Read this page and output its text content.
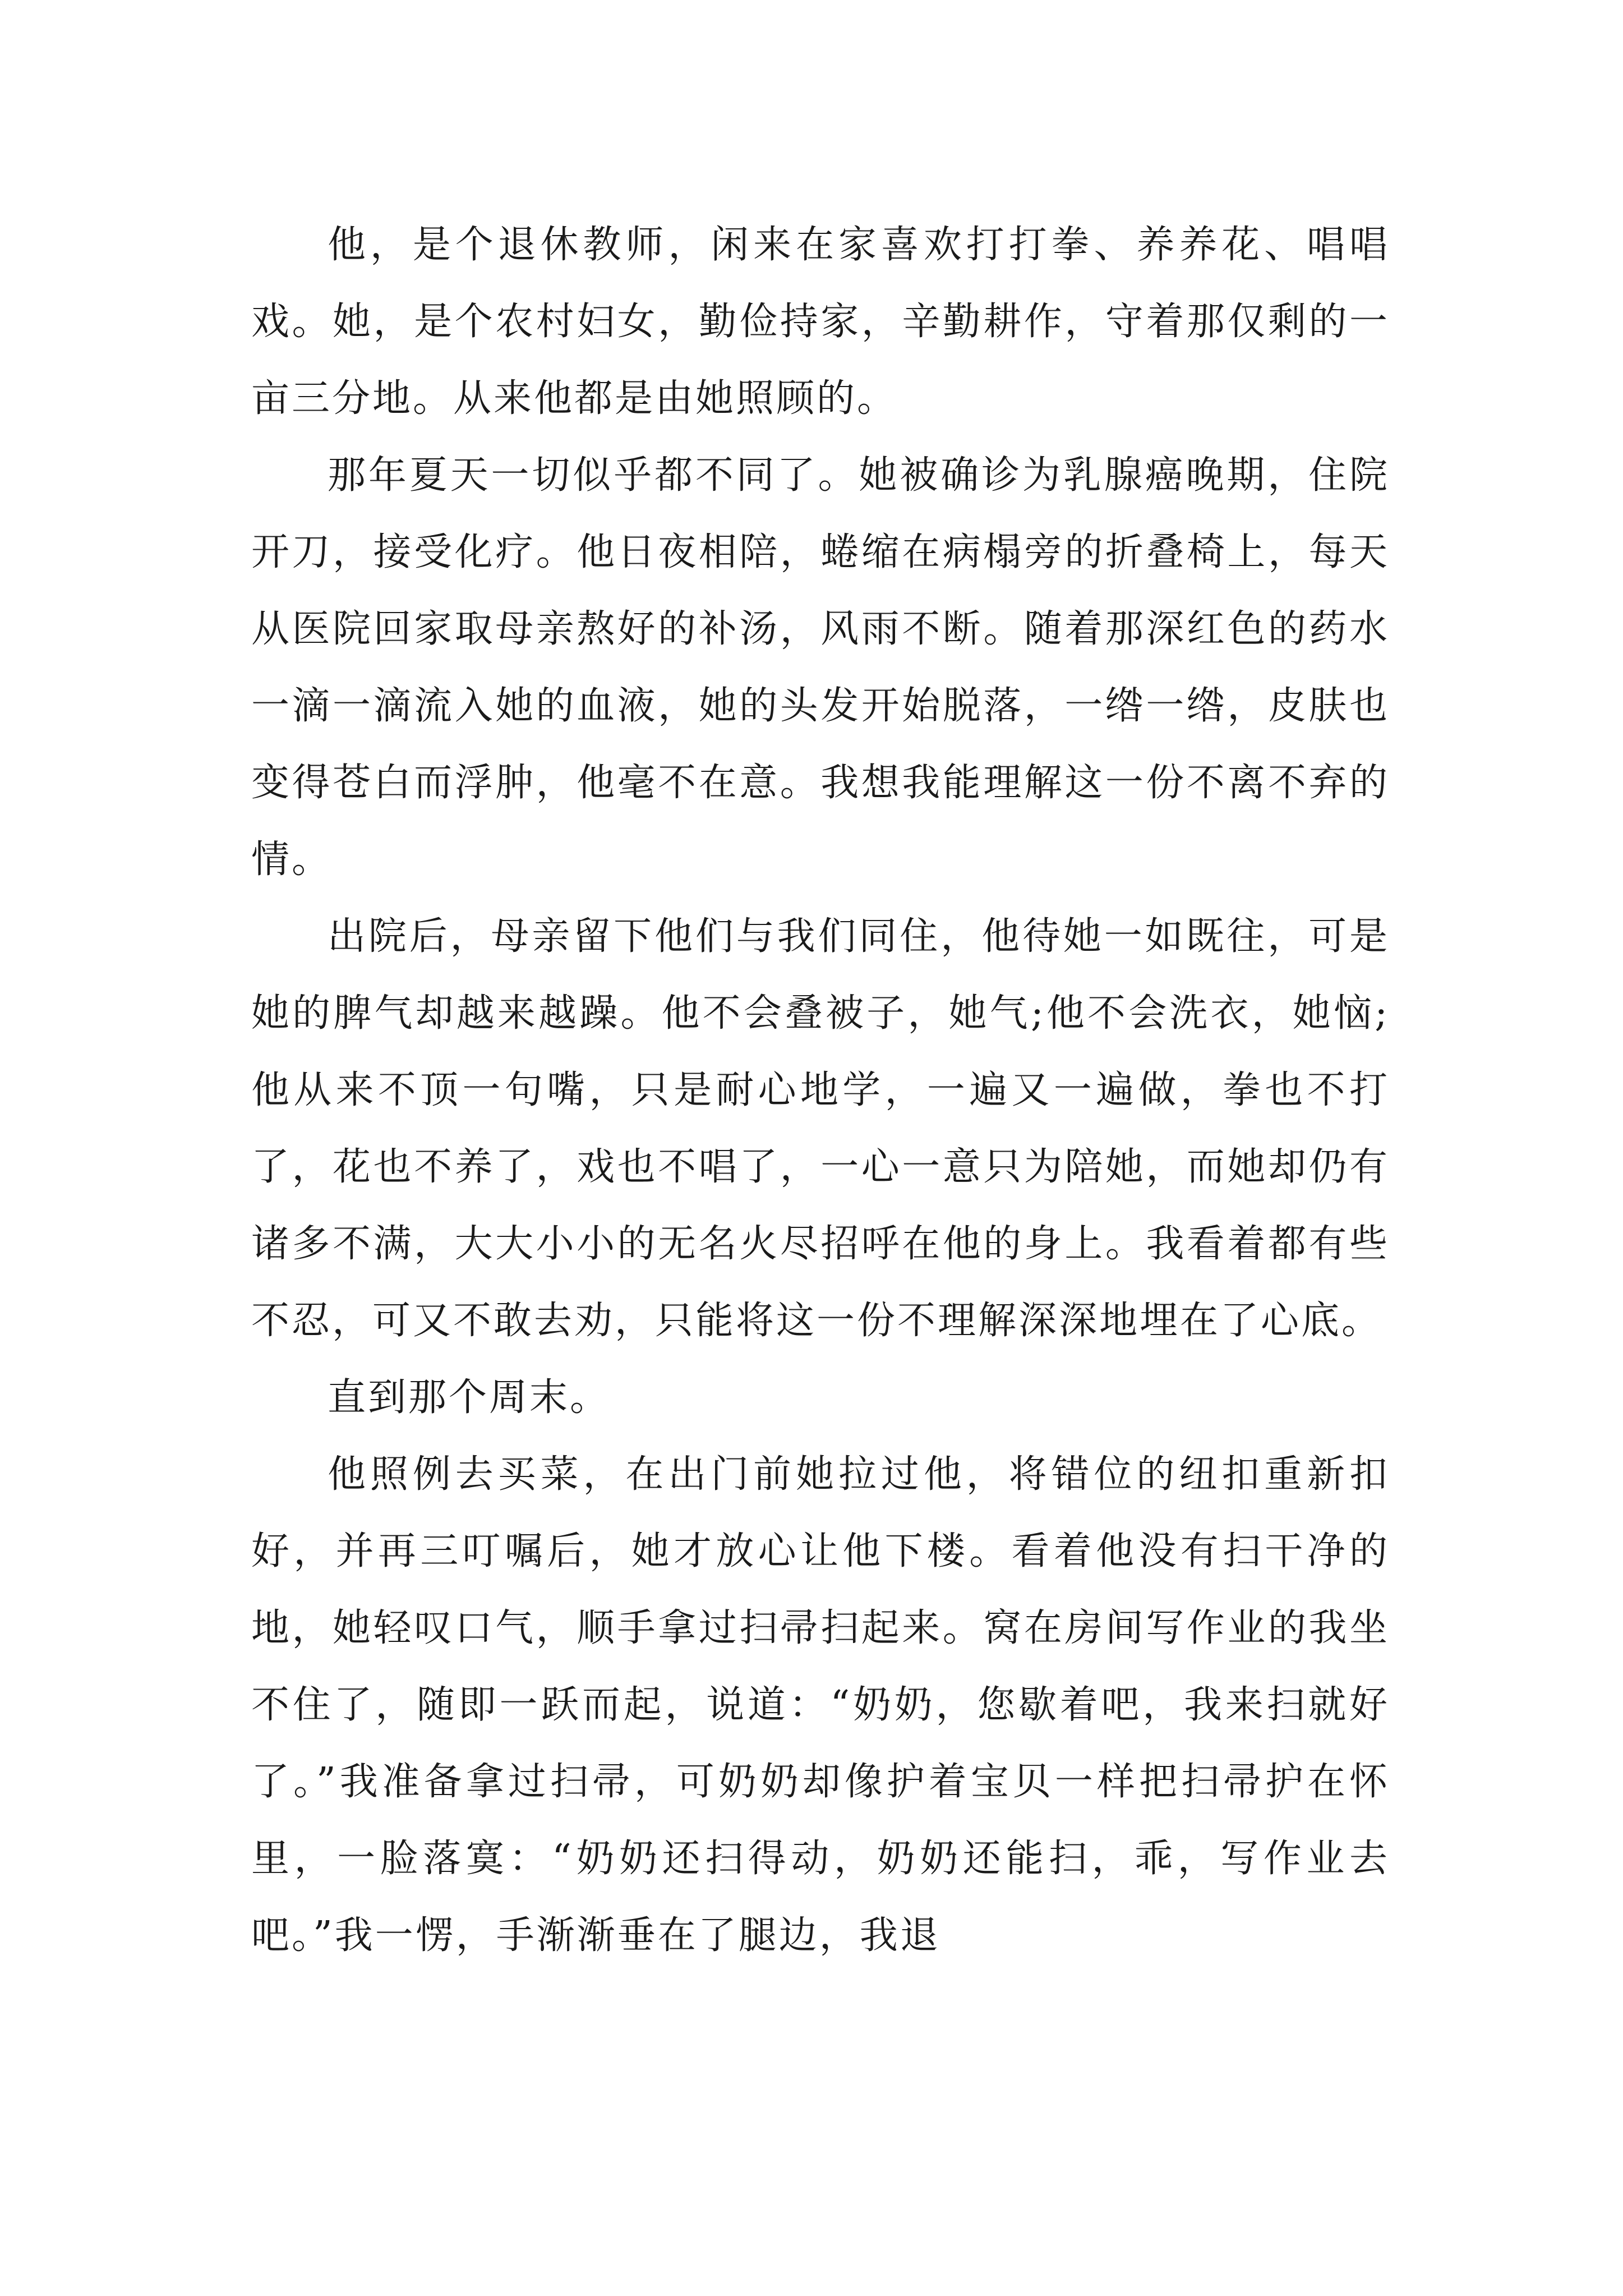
他，是个退休教师，闲来在家喜欢打打拳、养养花、唱唱戏。她，是个农村妇女，勤俭持家，辛勤耕作，守着那仅剩的一亩三分地。从来他都是由她照顾的。

那年夏天一切似乎都不同了。她被确诊为乳腺癌晚期，住院开刀，接受化疗。他日夜相陪，蜷缩在病榻旁的折叠椅上，每天从医院回家取母亲熬好的补汤，风雨不断。随着那深红色的药水一滴一滴流入她的血液，她的头发开始脱落，一绺一绺，皮肤也变得苍白而浮肿，他毫不在意。我想我能理解这一份不离不弃的情。

出院后，母亲留下他们与我们同住，他待她一如既往，可是她的脾气却越来越躁。他不会叠被子，她气;他不会洗衣，她恼;他从来不顶一句嘴，只是耐心地学，一遍又一遍做，拳也不打了，花也不养了，戏也不唱了，一心一意只为陪她，而她却仍有诸多不满，大大小小的无名火尽招呼在他的身上。我看着都有些不忍，可又不敢去劝，只能将这一份不理解深深地埋在了心底。

直到那个周末。

他照例去买菜，在出门前她拉过他，将错位的纽扣重新扣好，并再三叮嘱后，她才放心让他下楼。看着他没有扫干净的地，她轻叹口气，顺手拿过扫帚扫起来。窝在房间写作业的我坐不住了，随即一跃而起，说道：“奶奶，您歇着吧，我来扫就好了。”我准备拿过扫帚，可奶奶却像护着宝贝一样把扫帚护在怀里，一脸落寞：“奶奶还扫得动，奶奶还能扫，乖，写作业去吧。”我一愣，手渐渐垂在了腿边，我退
